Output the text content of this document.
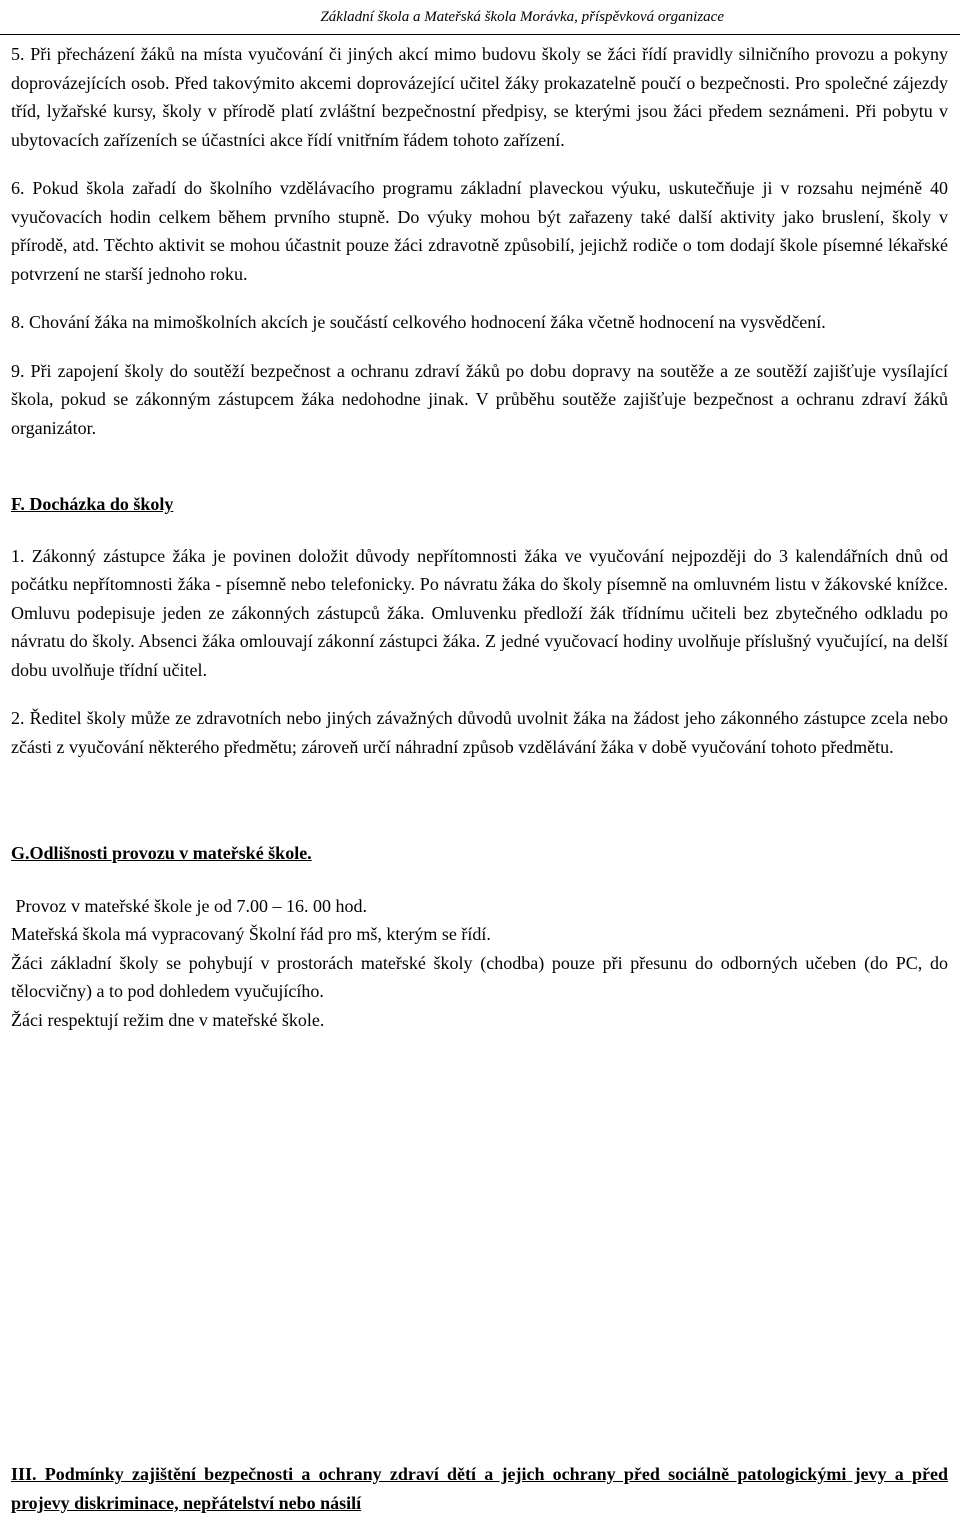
Základní škola a Mateřská škola Morávka, příspěvková organizace

5. Při přecházení žáků na místa vyučování či jiných akcí mimo budovu školy se žáci řídí pravidly silničního provozu a pokyny doprovázejících osob. Před takovýmito akcemi doprovázející učitel žáky prokazatelně poučí o bezpečnosti. Pro společné zájezdy tříd, lyžařské kursy, školy v přírodě platí zvláštní bezpečnostní předpisy, se kterými jsou žáci předem seznámeni. Při pobytu v ubytovacích zařízeních se účastníci akce řídí vnitřním řádem tohoto zařízení.

6. Pokud škola zařadí do školního vzdělávacího programu základní plaveckou výuku, uskutečňuje ji v rozsahu nejméně 40 vyučovacích hodin celkem během prvního stupně. Do výuky mohou být zařazeny také další aktivity jako bruslení, školy v přírodě, atd. Těchto aktivit se mohou účastnit pouze žáci zdravotně způsobilí, jejichž rodiče o tom dodají škole písemné lékařské potvrzení ne starší jednoho roku.

8. Chování žáka na mimoškolních akcích je součástí celkového hodnocení žáka včetně hodnocení na vysvědčení.

9. Při zapojení školy do soutěží bezpečnost a ochranu zdraví žáků po dobu dopravy na soutěže a ze soutěží zajišťuje vysílající škola, pokud se zákonným zástupcem žáka nedohodne jinak. V průběhu soutěže zajišťuje bezpečnost a ochranu zdraví žáků organizátor.

F. Docházka do školy

1. Zákonný zástupce žáka je povinen doložit důvody nepřítomnosti žáka ve vyučování nejpozději do 3 kalendářních dnů od počátku nepřítomnosti žáka - písemně nebo telefonicky. Po návratu žáka do školy písemně na omluvném listu v žákovské knížce. Omluvu podepisuje jeden ze zákonných zástupců žáka. Omluvenku předloží žák třídnímu učiteli bez zbytečného odkladu po návratu do školy. Absenci žáka omlouvají zákonní zástupci žáka. Z jedné vyučovací hodiny uvolňuje příslušný vyučující, na delší dobu uvolňuje třídní učitel.

2. Ředitel školy může ze zdravotních nebo jiných závažných důvodů uvolnit žáka na žádost jeho zákonného zástupce zcela nebo zčásti z vyučování některého předmětu; zároveň určí náhradní způsob vzdělávání žáka v době vyučování tohoto předmětu.

G.Odlišnosti provozu v mateřské škole.

Provoz v mateřské škole je od 7.00 – 16. 00 hod.

Mateřská škola má vypracovaný Školní řád pro mš, kterým se řídí.

Žáci základní školy se pohybují v prostorách mateřské školy (chodba) pouze při přesunu do odborných učeben (do PC, do tělocvičny) a to pod dohledem vyučujícího.

Žáci respektují režim dne v mateřské škole.

III. Podmínky zajištění bezpečnosti a ochrany zdraví dětí a jejich ochrany před sociálně patologickými jevy a před projevy diskriminace, nepřátelství nebo násilí
